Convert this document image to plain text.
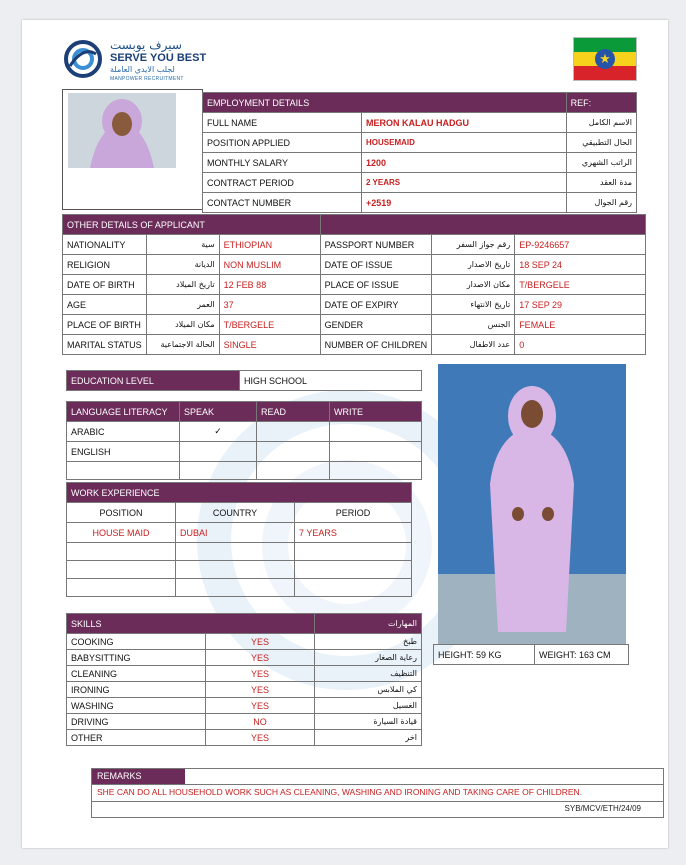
سيرف يوبست
SERVE YOU BEST
لجلب الايدي العاملة
MANPOWER RECRUITMENT
★
EMPLOYMENT DETAILS		REF:
FULL NAME	MERON KALAU HADGU	الاسم الكامل
POSITION APPLIED	HOUSEMAID	الحال التطبيقي
MONTHLY SALARY	1200	الراتب الشهري
CONTRACT PERIOD	2 YEARS	مدة العقد
CONTACT NUMBER	+2519	رقم الجوال
OTHER DETAILS OF APPLICANT					
NATIONALITY	سية	ETHIOPIAN	PASSPORT NUMBER	رقم جواز السفر	EP-9246657
RELIGION	الديانة	NON MUSLIM	DATE OF ISSUE	تاريخ الاصدار	18 SEP 24
DATE OF BIRTH	تاريخ الميلاد	12 FEB 88	PLACE OF ISSUE	مكان الاصدار	T/BERGELE
AGE	العمر	37	DATE OF EXPIRY	تاريخ الانتهاء	17 SEP 29
PLACE OF BIRTH	مكان الميلاد	T/BERGELE	GENDER	الجنس	FEMALE
MARITAL STATUS	الحالة الاجتماعية	SINGLE	NUMBER OF CHILDREN	عدد الاطفال	0
EDUCATION LEVEL	HIGH SCHOOL
LANGUAGE LITERACY	SPEAK	READ	WRITE
ARABIC	✓		
ENGLISH			

WORK EXPERIENCE		
POSITION	COUNTRY	PERIOD
HOUSE MAID	DUBAI	7 YEARS

SKILLS		المهارات
COOKING	YES	طبخ
BABYSITTING	YES	رعاية الصغار
CLEANING	YES	التنظيف
IRONING	YES	كي الملابس
WASHING	YES	الغسيل
DRIVING	NO	قيادة السيارة
OTHER	YES	اخر
HEIGHT: 59 KG	WEIGHT: 163 CM
REMARKS
SHE CAN DO ALL HOUSEHOLD WORK SUCH AS CLEANING, WASHING AND IRONING AND TAKING CARE OF CHILDREN.
SYB/MCV/ETH/24/09
